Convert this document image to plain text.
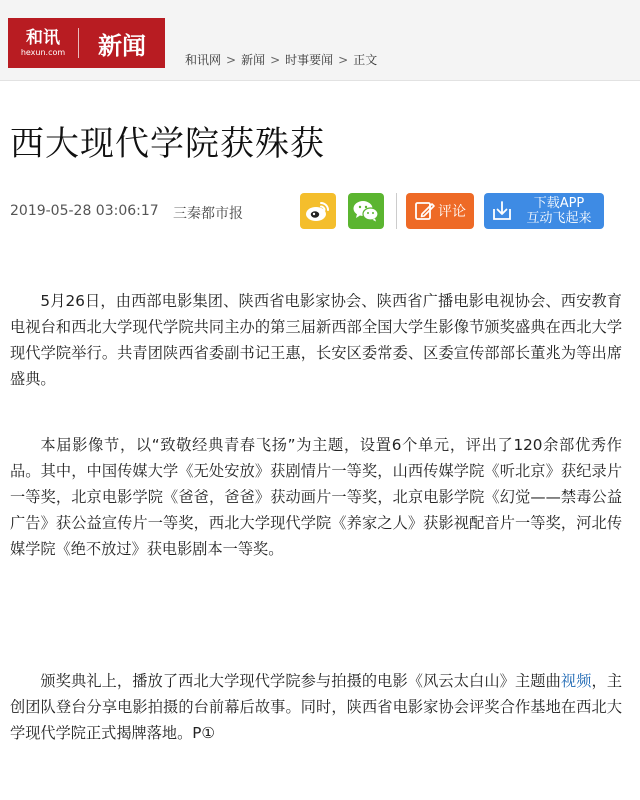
和讯
hexun.com	新闻
和讯网 > 新闻 > 时事要闻 > 正文
西大现代学院获殊获
2019-05-28 03:06:17 三秦都市报	评论
下载APP
互动飞起来

5月26日，由西部电影集团、陕西省电影家协会、陕西省广播电影电视协会、西安教育电视台和西北大学现代学院共同主办的第三届新西部全国大学生影像节颁奖盛典在西北大学现代学院举行。共青团陕西省委副书记王惠，长安区委常委、区委宣传部部长董兆为等出席盛典。

本届影像节，以“致敬经典青春飞扬”为主题，设置6个单元，评出了120余部优秀作品。其中，中国传媒大学《无处安放》获剧情片一等奖，山西传媒学院《听北京》获纪录片一等奖，北京电影学院《爸爸，爸爸》获动画片一等奖，北京电影学院《幻觉——禁毒公益广告》获公益宣传片一等奖，西北大学现代学院《养家之人》获影视配音片一等奖，河北传媒学院《绝不放过》获电影剧本一等奖。

颁奖典礼上，播放了西北大学现代学院参与拍摄的电影《风云太白山》主题曲视频，主创团队登台分享电影拍摄的台前幕后故事。同时，陕西省电影家协会评奖合作基地在西北大学现代学院正式揭牌落地。P①
